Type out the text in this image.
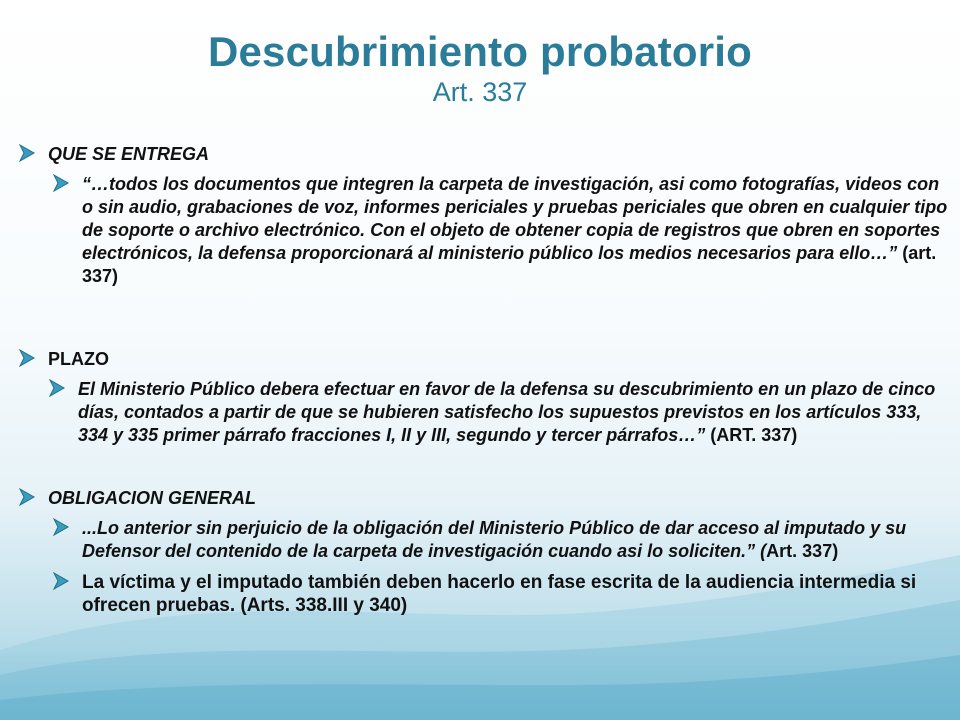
Descubrimiento probatorio
Art. 337
QUE SE ENTREGA
“…todos los documentos que integren la carpeta de investigación, asi como fotografías, videos con o sin audio, grabaciones de voz, informes periciales y pruebas periciales que obren en cualquier tipo de soporte o archivo electrónico. Con el objeto de obtener copia de registros que obren en soportes electrónicos, la defensa proporcionará al ministerio público los medios necesarios para ello…” (art. 337)
PLAZO
El Ministerio Público debera efectuar en favor de la defensa su descubrimiento en un plazo de cinco días, contados a partir de que se hubieren satisfecho los supuestos previstos en los artículos 333, 334 y 335 primer párrafo fracciones I, II y III, segundo y tercer párrafos…” (ART. 337)
OBLIGACION GENERAL
...Lo anterior sin perjuicio de la obligación del Ministerio Público de dar acceso al imputado y su Defensor del contenido de la carpeta de investigación cuando asi lo soliciten.” (Art. 337)
La víctima y el imputado también deben hacerlo en fase escrita de la audiencia intermedia si ofrecen pruebas. (Arts. 338.III y 340)
